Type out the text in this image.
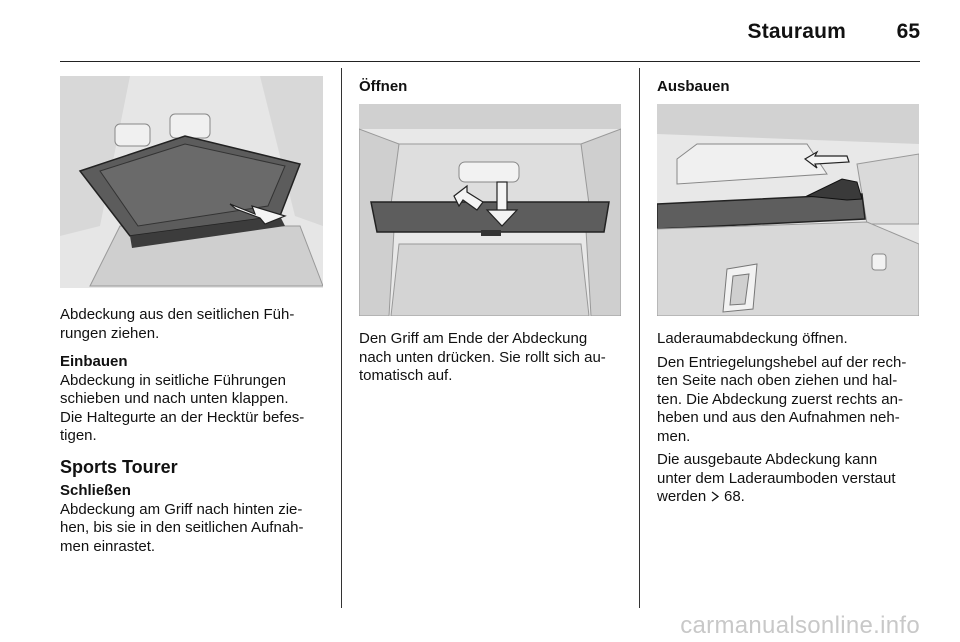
Stauraum 65

Abdeckung aus den seitlichen Füh-

rungen ziehen.

Einbauen

Abdeckung in seitliche Führungen

schieben und nach unten klappen.

Die Haltegurte an der Hecktür befes-

tigen.

Sports Tourer

Schließen

Abdeckung am Griff nach hinten zie-

hen, bis sie in den seitlichen Aufnah-

men einrastet.

Öffnen

Den Griff am Ende der Abdeckung

nach unten drücken. Sie rollt sich au-

tomatisch auf.

Ausbauen

Laderaumabdeckung öffnen.

Den Entriegelungshebel auf der rech-

ten Seite nach oben ziehen und hal-

ten. Die Abdeckung zuerst rechts an-

heben und aus den Aufnahmen neh-

men.

Die ausgebaute Abdeckung kann

unter dem Laderaumboden verstaut

werden 68.

carmanualsonline.info
